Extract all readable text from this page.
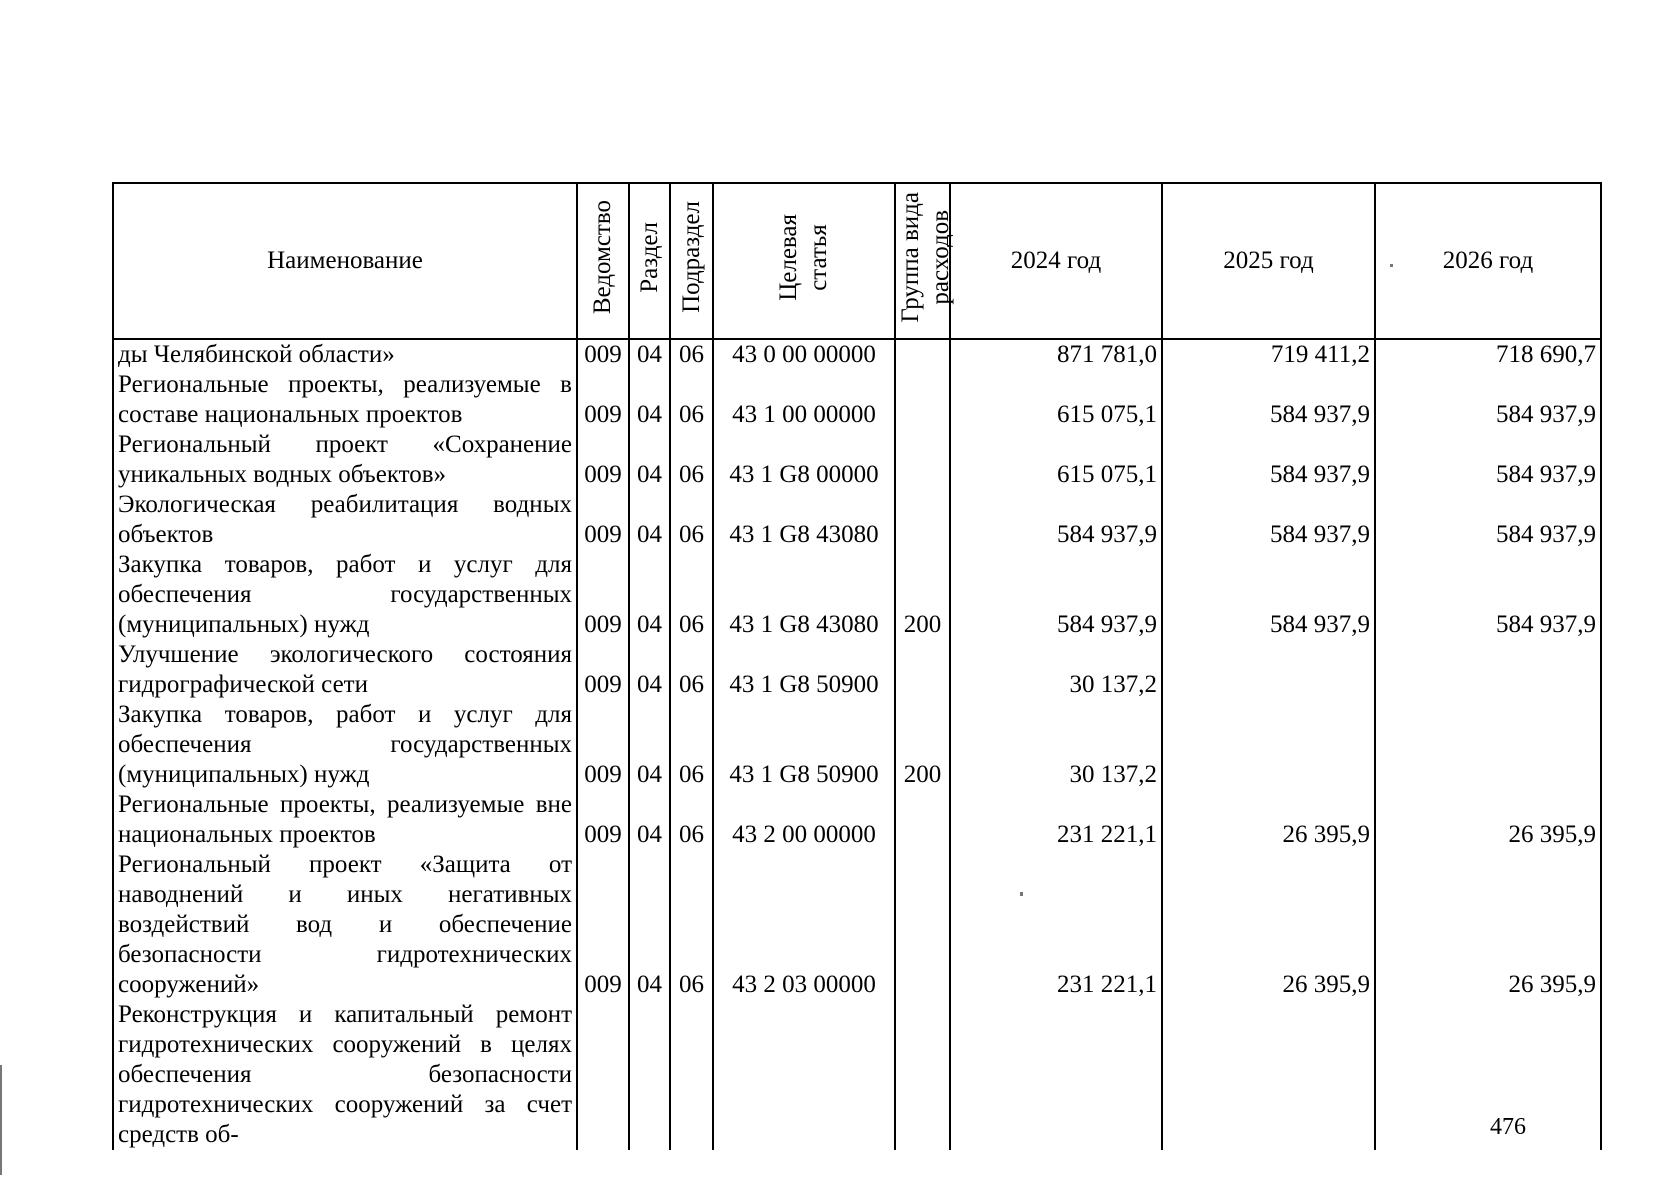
Наименование	Ведомство	Раздел	Подраздел	Целевая
статья	Группа вида
расходов	2024 год	2025 год	2026 год
ды Челябинской области»	009	04	06	43 0 00 00000		871 781,0	719 411,2	718 690,7
Региональные проекты, реализуемые в составе национальных проектов	009	04	06	43 1 00 00000		615 075,1	584 937,9	584 937,9
Региональный проект «Сохранение уникальных водных объектов»	009	04	06	43 1 G8 00000		615 075,1	584 937,9	584 937,9
Экологическая реабилитация водных объектов	009	04	06	43 1 G8 43080		584 937,9	584 937,9	584 937,9
Закупка товаров, работ и услуг для обеспечения государственных (муниципальных) нужд	009	04	06	43 1 G8 43080	200	584 937,9	584 937,9	584 937,9
Улучшение экологического состояния гидрографической сети	009	04	06	43 1 G8 50900		30 137,2		
Закупка товаров, работ и услуг для обеспечения государственных (муниципальных) нужд	009	04	06	43 1 G8 50900	200	30 137,2		
Региональные проекты, реализуемые вне национальных проектов	009	04	06	43 2 00 00000		231 221,1	26 395,9	26 395,9
Региональный проект «Защита от наводнений и иных негативных воздействий вод и обеспечение безопасности гидротехнических сооружений»	009	04	06	43 2 03 00000		231 221,1	26 395,9	26 395,9
Реконструкция и капитальный ремонт гидротехнических сооружений в целях обеспечения безопасности гидротехнических сооружений за счет средств об-									476
